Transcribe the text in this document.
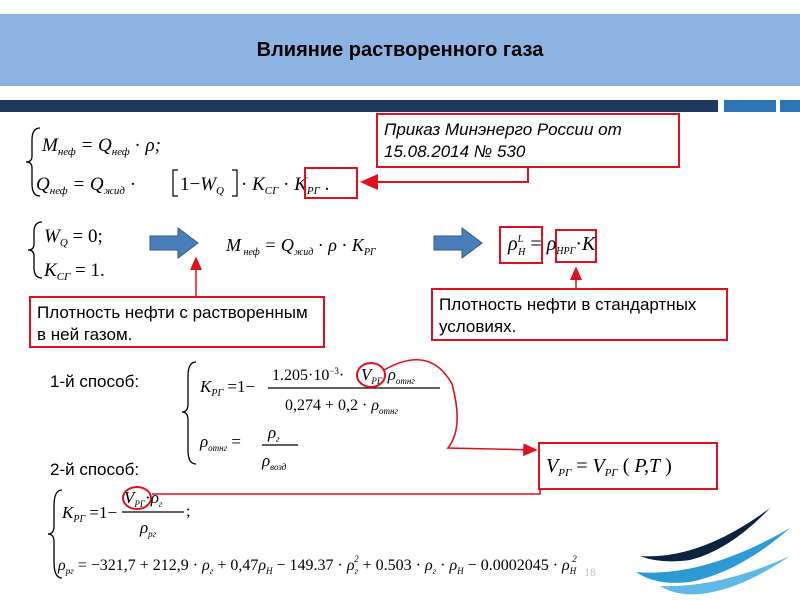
Влияние растворенного газа
$M_{неф} = Q_{неф} \cdot \rho$;
$Q_{неф} = Q_{жид} \cdot 1-W_Q \cdot K_{СГ} \cdot K_{РГ}$ .
$W_Q = 0$;
$K_{СГ} = 1$.
M $_{неф} = Q_{жид} \cdot \rho \cdot K_{РГ}$	$\rho^L$ $H = \rho_{НРГ}\cdot K$
$K_{РГ} =1-$
$1.205\cdot 10^{-3}\cdot V_{РГ}\cdot\rho_{отнг}$
$0,274 + 0,2 \cdot \rho_{отнг}$
$\rho_{отнг} = \rho_г$
$\rho_{возд}$
$K_{РГ} =1-$
$V_{РГ}\cdot\rho_г$
$\rho_{рг}$
;
$\rho_{рг} = -321,7 + 212,9 \cdot \rho_г + 0,47\rho_Н - 149.37 \cdot \rho_г2 + 0.503 \cdot \rho_г \cdot \rho_Н - 0.0002045 \cdot \rho_Н2$
$V_{РГ} = V_{РГ}$ ( P,T )
18
Приказ Минэнерго России от 15.08.2014 № 530
Плотность нефти с растворенным в ней газом.
Плотность нефти в стандартных условиях.
1-й способ:
2-й способ:
